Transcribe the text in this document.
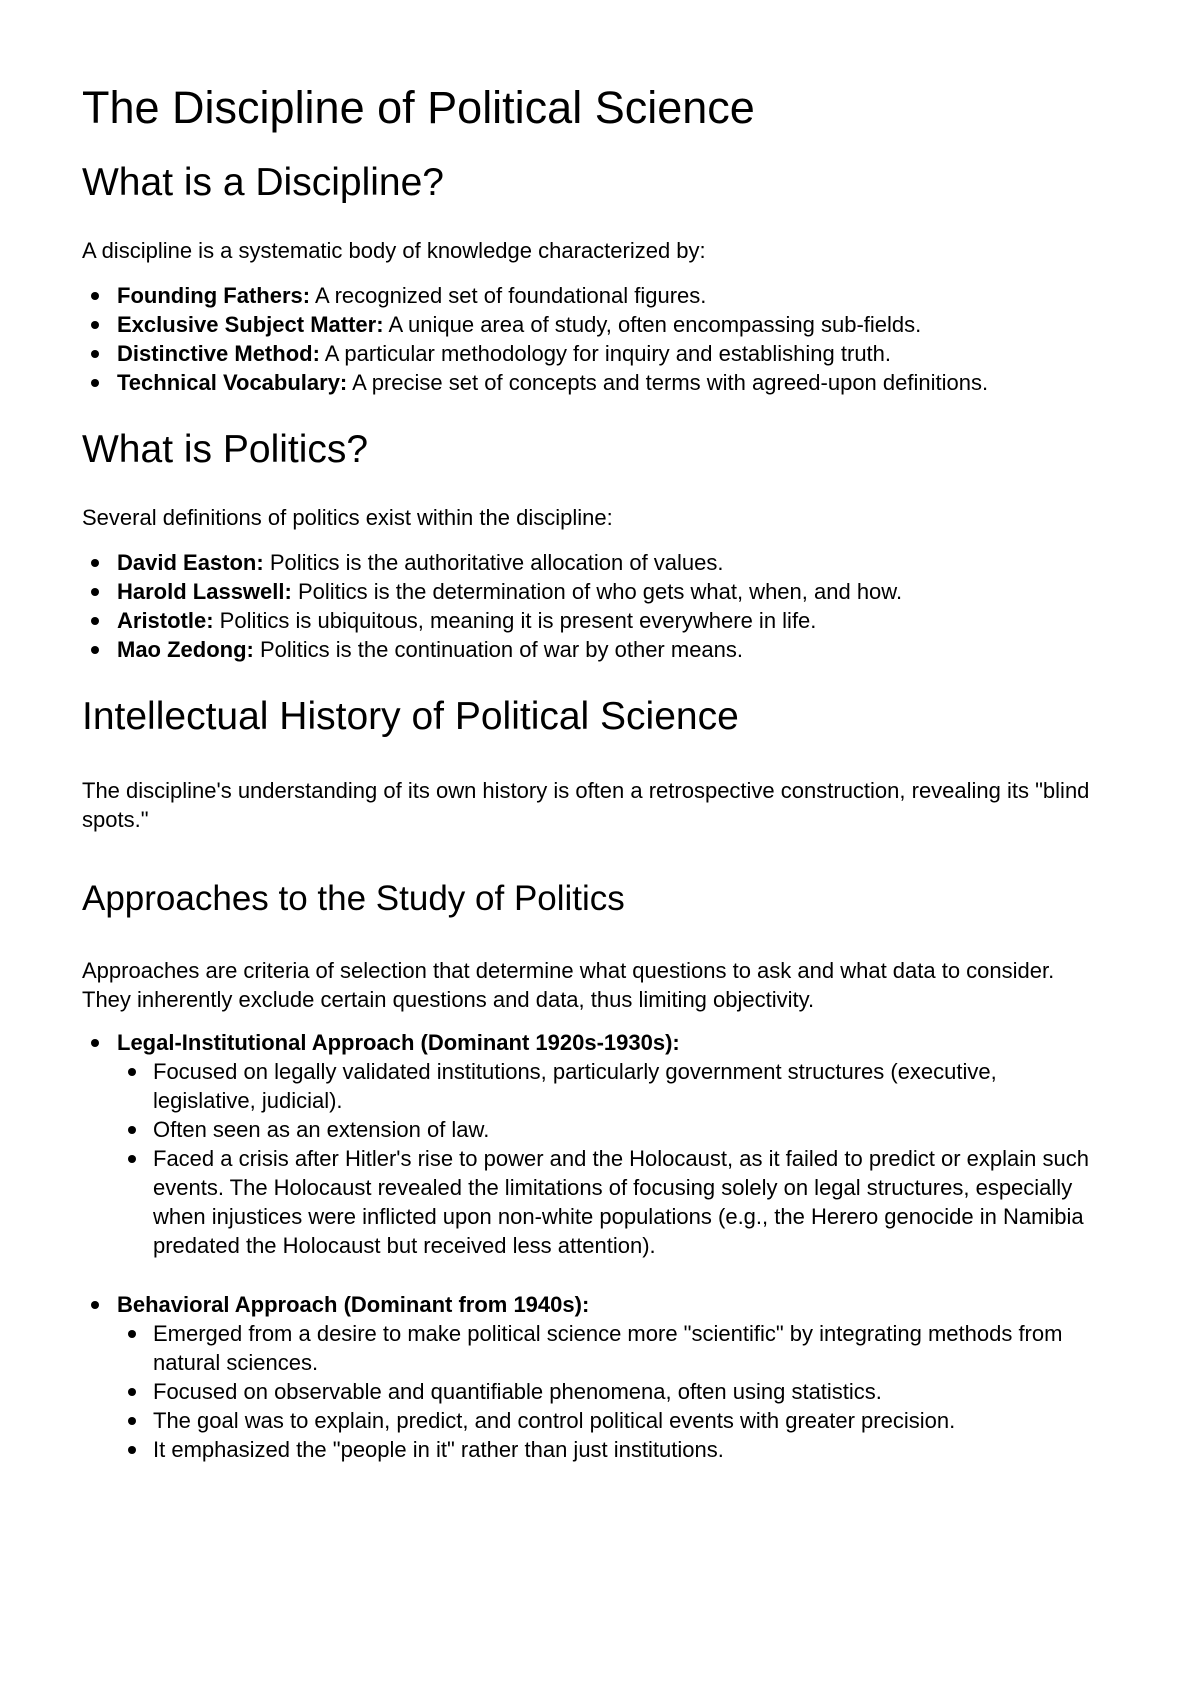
The Discipline of Political Science
What is a Discipline?

A discipline is a systematic body of knowledge characterized by:

Founding Fathers: A recognized set of foundational figures.
Exclusive Subject Matter: A unique area of study, often encompassing sub-fields.
Distinctive Method: A particular methodology for inquiry and establishing truth.
Technical Vocabulary: A precise set of concepts and terms with agreed-upon definitions.
What is Politics?

Several definitions of politics exist within the discipline:

David Easton: Politics is the authoritative allocation of values.
Harold Lasswell: Politics is the determination of who gets what, when, and how.
Aristotle: Politics is ubiquitous, meaning it is present everywhere in life.
Mao Zedong: Politics is the continuation of war by other means.
Intellectual History of Political Science

The discipline's understanding of its own history is often a retrospective construction, revealing its "blind spots."

Approaches to the Study of Politics

Approaches are criteria of selection that determine what questions to ask and what data to consider. They inherently exclude certain questions and data, thus limiting objectivity.

Legal-Institutional Approach (Dominant 1920s-1930s):
Focused on legally validated institutions, particularly government structures (executive, legislative, judicial).
Often seen as an extension of law.
Faced a crisis after Hitler's rise to power and the Holocaust, as it failed to predict or explain such events. The Holocaust revealed the limitations of focusing solely on legal structures, especially when injustices were inflicted upon non-white populations (e.g., the Herero genocide in Namibia predated the Holocaust but received less attention).
Behavioral Approach (Dominant from 1940s):
Emerged from a desire to make political science more "scientific" by integrating methods from natural sciences.
Focused on observable and quantifiable phenomena, often using statistics.
The goal was to explain, predict, and control political events with greater precision.
It emphasized the "people in it" rather than just institutions.
